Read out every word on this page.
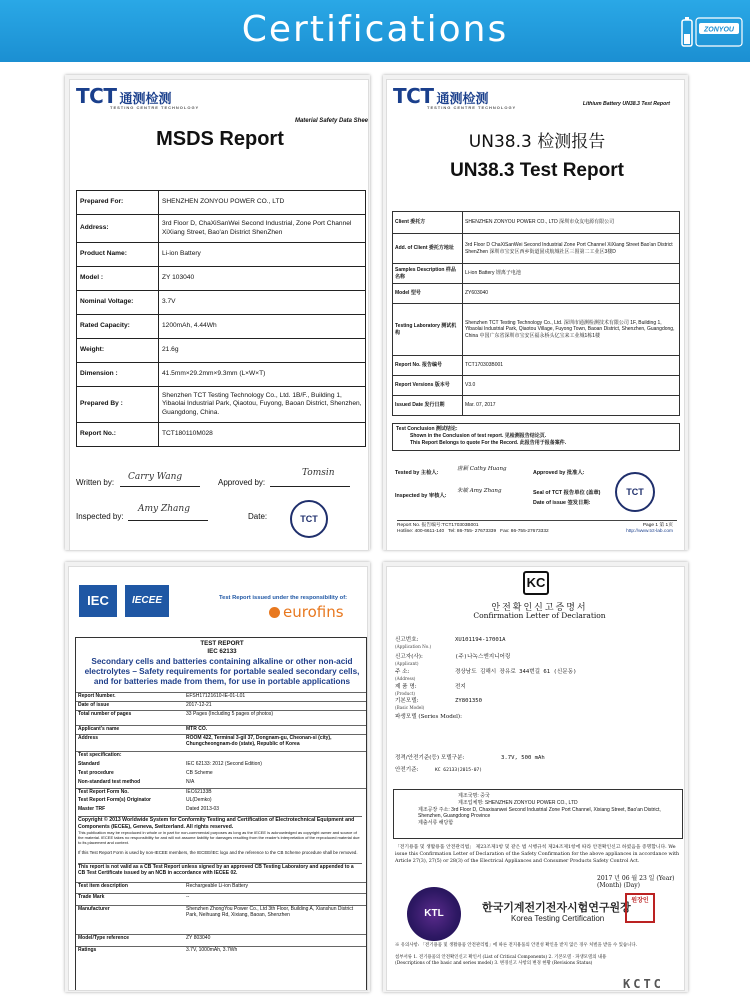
Certifications	ZONYOU
TCT 通测检测
TESTING CENTRE TECHNOLOGY
Material Safety Data Shee
MSDS Report
Prepared For:	SHENZHEN ZONYOU POWER CO., LTD
Address:	3rd Floor D, ChaXiSanWei Second Industrial, Zone Port Channel XiXiang Street, Bao'an District ShenZhen
Product Name:	Li-ion Battery
Model :	ZY 103040
Nominal Voltage:	3.7V
Rated Capacity:	1200mAh, 4.44Wh
Weight:	21.6g
Dimension :	41.5mm×29.2mm×9.3mm (L×W×T)
Prepared By :	Shenzhen TCT Testing Technology Co., Ltd. 1B/F., Building 1, Yibaolai Industrial Park, Qiaotou, Fuyong, Baoan District, Shenzhen, Guangdong, China.
Report No.:	TCT180110M028
Written by:
Carry Wang
Approved by:
Tomsin
Inspected by:
Amy Zhang
Date:	TCT
TCT 通测检测
TESTING CENTRE TECHNOLOGY
Lithium Battery UN38.3 Test Report
UN38.3 检测报告
UN38.3 Test Report
Client 委托方	SHENZHEN ZONYOU POWER CO., LTD 深圳市众友电源有限公司
Add. of Client 委托方地址	3rd Floor D ChaXiSanWei Second Industrial Zone Port Channel XiXiang Street Bao'an District ShenZhen 深圳市宝安区西乡街道固戍航城社区三围第二工业区3楼D
Samples Description 样品名称	Li-ion Battery 锂离子电池
Model 型号	ZY603040
Testing Laboratory 测试机构	Shenzhen TCT Testing Technology Co., Ltd. 深圳市通测检测技术有限公司 1F, Building 1, Yibaolai Industrial Park, Qiaotou Village, Fuyong Town, Baoan District, Shenzhen, Guangdong, China 中国广东省深圳市宝安区福永桥头亿宝来工业城1栋1楼
Report No. 报告编号	TCT170303B001
Report Versions 版本号	V3.0
Issued Date 发行日期	Mar. 07, 2017
Test Conclusion 测试结论:
Shown in the Conclusion of test report. 见检测报告结论页.
This Report Belongs to quote For the Record. 此报告用于报备案件.
Tested by 主检人:
唐颖 Cathy Huang
Approved by 批准人:
Inspected by 审核人:
朱敏 Amy Zhang	Seal of TCT 报告单位 (盖章)
Date of issue 签发日期:
TCT
Report No. 报告编号:TCT170303B001	Page 1 第 1页

Hotline: 400-6611-140 Tel: 86-755- 27673339 Fax: 86-755-27673332	http://www.tct-lab.com
IEC	IECEE	Test Report issued under the responsibility of:
eurofins
TEST REPORT
IEC 62133
Secondary cells and batteries containing alkaline or other non-acid electrolytes – Safety requirements for portable sealed secondary cells, and for batteries made from them, for use in portable applications
Report Number.	EFSH17121610-IE-01-L01
Date of issue	2017-12-21
Total number of pages	33 Pages (Including 5 pages of photos)
Applicant's name	MTR CO.
Address	ROOM 422, Terminal 3-gil 37, Dongnam-gu, Cheonan-si (city), Chungcheongnam-do (state), Republic of Korea
Test specification:
Standard	IEC 62133: 2012 (Second Edition)
Test procedure	CB Scheme
Non-standard test method	N/A
Test Report Form No.	IEC62133B
Test Report Form(s) Originator	UL(Demko)
Master TRF	Dated 2013-03
Copyright © 2013 Worldwide System for Conformity Testing and Certification of Electrotechnical Equipment and Components (IECEE), Geneva, Switzerland. All rights reserved.
This publication may be reproduced in whole or in part for non-commercial purposes as long as the IECEE is acknowledged as copyright owner and source of the material. IECEE takes no responsibility for and will not assume liability for damages resulting from the reader's interpretation of the reproduced material due to its placement and context.
If this Test Report Form is used by non-IECEE members, the IECEE/IEC logo and the reference to the CB Scheme procedure shall be removed.
This report is not valid as a CB Test Report unless signed by an approved CB Testing Laboratory and appended to a CB Test Certificate issued by an NCB in accordance with IECEE 02.
Test item description	Rechargeable Li-ion Battery
Trade Mark	--
Manufacturer	Shenzhen ZhongYou Power Co., Ltd 3th Floor, Building A, Xianshun District Park, Neihuang Rd, Xixiang, Baoan, Shenzhen
Model/Type reference	ZY 803040
Ratings	3.7V, 1000mAh, 3.7Wh
KC
안전확인신고증명서
Confirmation Letter of Declaration
신고번호:
(Application No.)
XU101194-17001A
신고자(사):
(Applicant)
(주)나녹스엔지니어링
주 소:
(Address)
경상남도 김해시 장유로 344번길 61 (신문동)
제 품 명:
(Product)
전지
기본모델:
(Basic Model)
ZY801350
파생모델 (Series Model):
정격/안전기준(등) 모델구분:	3.7V, 500 mAh
안전기준:	KC 62133(2015-07)
제조국명: 중국
제조업체명: SHENZHEN ZONYOU POWER CO., LTD
제조공장 주소: 3rd Floor D, Chaxisanwei Second Industrial Zone Port Channel, Xixiang Street, Bao'an District, Shenzhen, Guangdong Province
제출서류 해당함
「전기용품 및 생활용품 안전관리법」 제23조제1항 및 같은 법 시행규칙 제24조제1항에 따라 안전확인신고 하였음을 증명합니다. We issue this Confirmation Letter of Declaration of the Safety Confirmation for the above appliances in accordance with Article 27(3), 27(5) or 28(3) of the Electrical Appliances and Consumer Products Safety Control Act.
2017 년 06 월 23 일 (Year) (Month) (Day)
KTL	한국기계전기전자시험연구원장
Korea Testing Certification
원장인
※ 유의사항: 「전기용품 및 생활용품 안전관리법」에 따른 전지용품의 안전성 확인을 받지 않은 경우 처벌을 받을 수 있습니다.
첨부서류 1. 전기용품의 안전확인신고 확인서 (List of Critical Components) 2. 기본모델 · 파생모델의 내용 (Descriptions of the basic and series model) 3. 변경신고 사항의 변경 현황 (Revisions Status)
KCTC
